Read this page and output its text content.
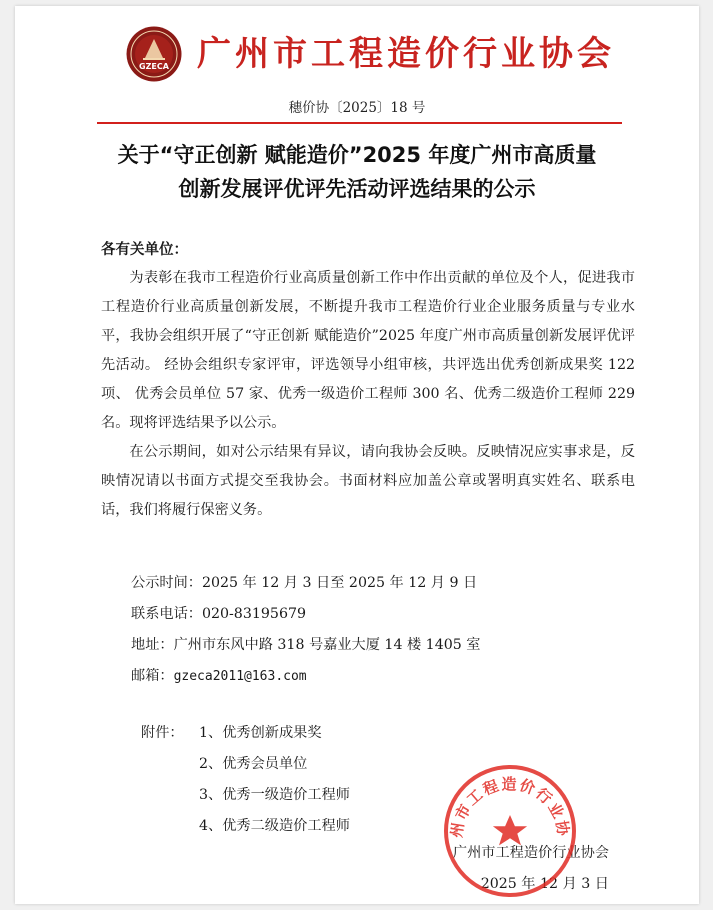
GZECA 广州市工程造价行业协会
穗价协〔2025〕18 号
关于“守正创新 赋能造价”2025 年度广州市高质量
创新发展评优评先活动评选结果的公示
各有关单位：

为表彰在我市工程造价行业高质量创新工作中作出贡献的单位及个人，促进我市工程造价行业高质量创新发展，不断提升我市工程造价行业企业服务质量与专业水平，我协会组织开展了“守正创新 赋能造价”2025 年度广州市高质量创新发展评优评先活动。 经协会组织专家评审，评选领导小组审核，共评选出优秀创新成果奖 122 项、 优秀会员单位 57 家、优秀一级造价工程师 300 名、优秀二级造价工程师 229 名。现将评选结果予以公示。

在公示期间，如对公示结果有异议，请向我协会反映。反映情况应实事求是，反映情况请以书面方式提交至我协会。书面材料应加盖公章或署明真实姓名、联系电话，我们将履行保密义务。

公示时间：2025 年 12 月 3 日至 2025 年 12 月 9 日
联系电话：020-83195679
地址：广州市东风中路 318 号嘉业大厦 14 楼 1405 室
邮箱：gzeca2011@163.com
附件：	1、优秀创新成果奖
2、优秀会员单位
3、优秀一级造价工程师
4、优秀二级造价工程师
广州市工程造价行业协会
2025 年 12 月 3 日
州市工程造价行业协
